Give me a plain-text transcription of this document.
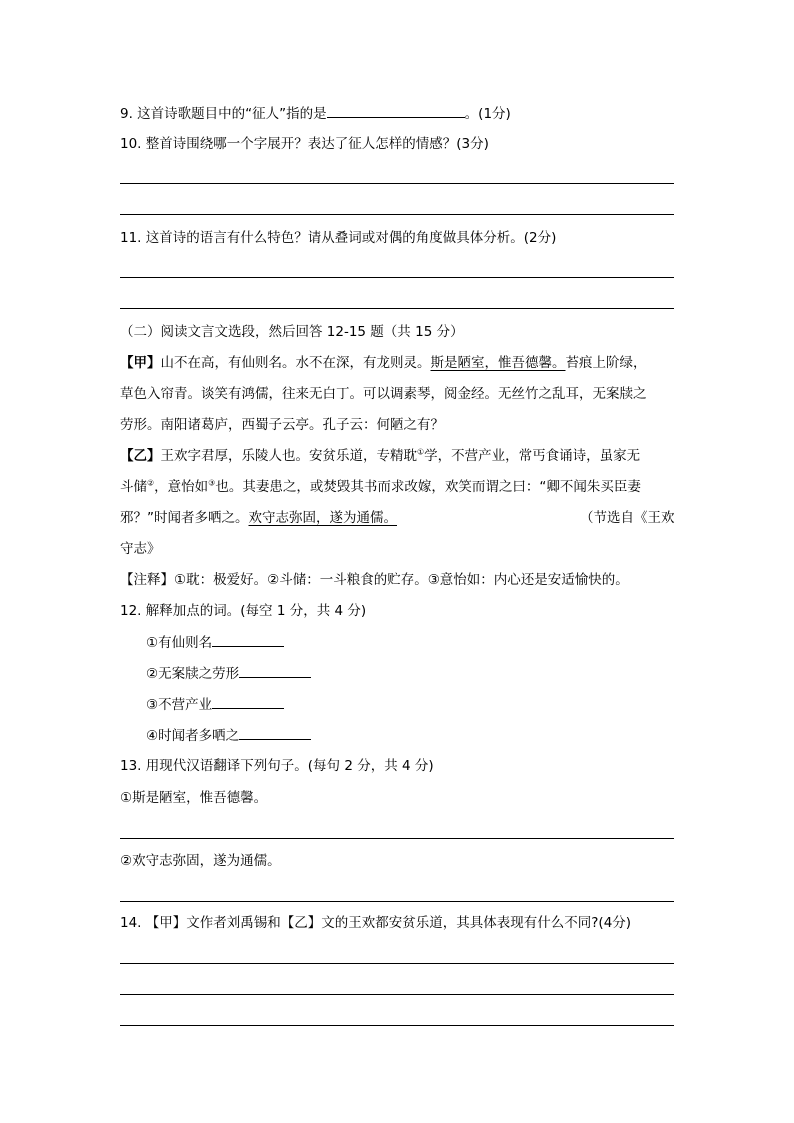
9. 这首诗歌题目中的“征人”指的是	。(1分)
10. 整首诗围绕哪一个字展开？表达了征人怎样的情感？(3分)
11. 这首诗的语言有什么特色？请从叠词或对偶的角度做具体分析。(2分)
（二）阅读文言文选段，然后回答 12-15 题（共 15 分）
【甲】山不在高，有仙则名。水不在深，有龙则灵。斯是陋室，惟吾德馨。苔痕上阶绿，
草色入帘青。谈笑有鸿儒，往来无白丁。可以调素琴，阅金经。无丝竹之乱耳，无案牍之
劳形。南阳诸葛庐，西蜀子云亭。孔子云：何陋之有？
【乙】王欢字君厚，乐陵人也。安贫乐道，专精耽①学，不营产业，常丐食诵诗，虽家无
斗储②，意怡如③也。其妻患之，或焚毁其书而求改嫁，欢笑而谓之曰：“卿不闻朱买臣妻
邪？”时闻者多哂之。欢守志弥固，遂为通儒。	（节选自《王欢
守志》
【注释】①耽：极爱好。②斗储：一斗粮食的贮存。③意怡如：内心还是安适愉快的。
12. 解释加点的词。(每空 1 分，共 4 分)
①有仙则名
②无案牍之劳形
③不营产业
④时闻者多哂之
13. 用现代汉语翻译下列句子。(每句 2 分，共 4 分)
①斯是陋室，惟吾德馨。
②欢守志弥固，遂为通儒。
14. 【甲】文作者刘禹锡和【乙】文的王欢都安贫乐道，其具体表现有什么不同?(4分)
